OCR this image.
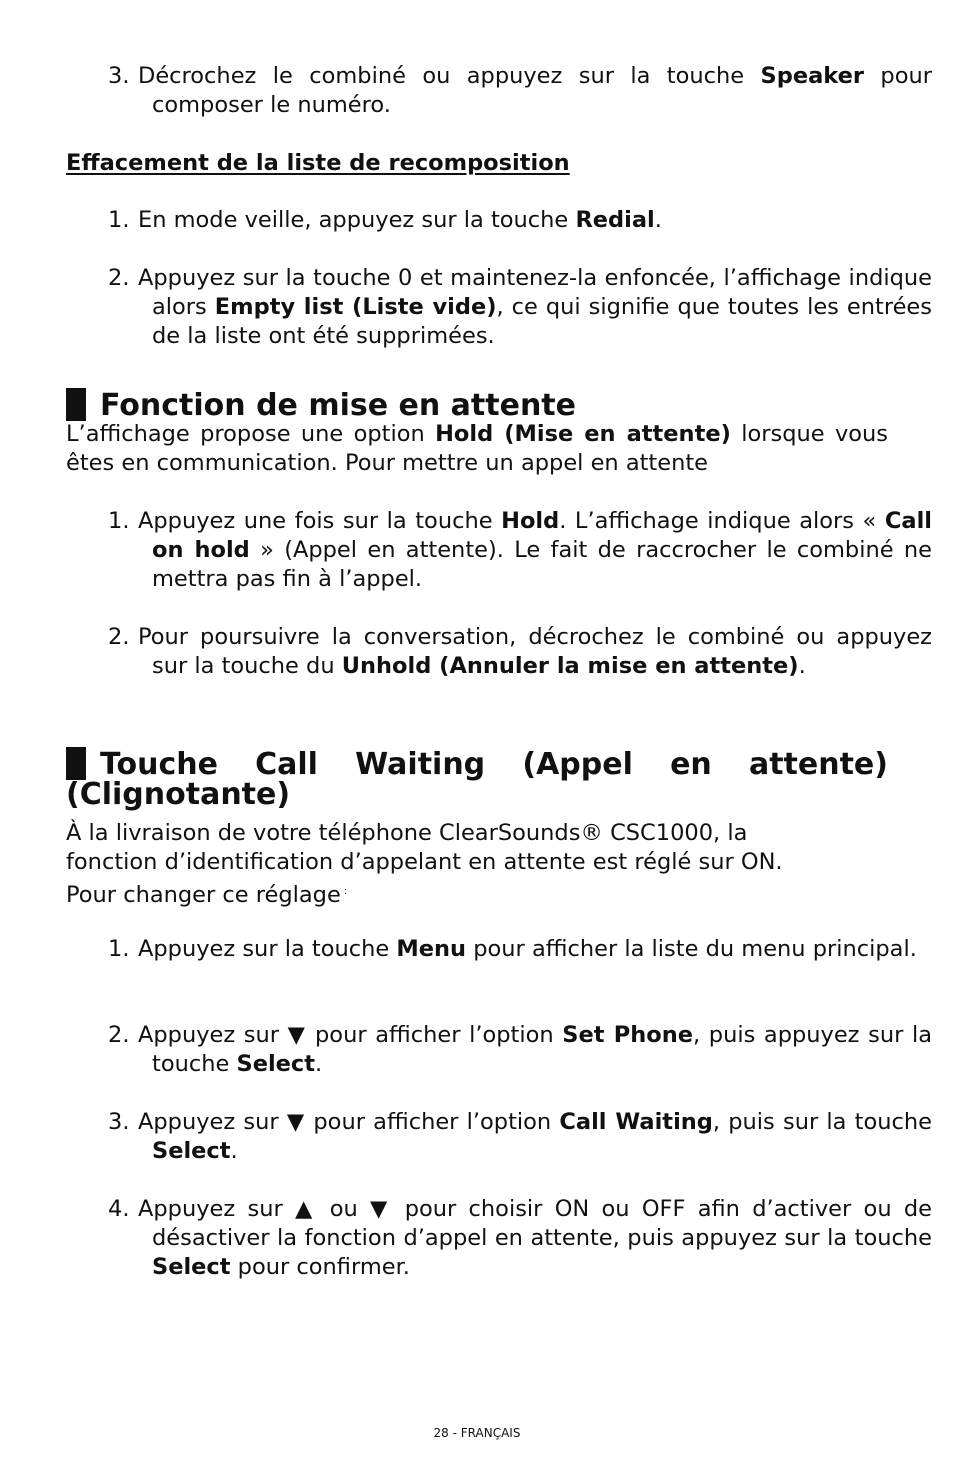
3. Décrochez le combiné ou appuyez sur la touche Speaker pour composer le numéro.
Effacement de la liste de recomposition
1. En mode veille, appuyez sur la touche Redial.
2. Appuyez sur la touche 0 et maintenez-la enfoncée, l’affichage indique alors Empty list (Liste vide), ce qui signifie que toutes les entrées de la liste ont été supprimées.
Fonction de mise en attente
L’affichage propose une option Hold (Mise en attente) lorsque vous êtes en communication. Pour mettre un appel en attente
1. Appuyez une fois sur la touche Hold. L’affichage indique alors « Call on hold » (Appel en attente). Le fait de raccrocher le combiné ne mettra pas fin à l’appel.
2. Pour poursuivre la conversation, décrochez le combiné ou appuyez sur la touche du Unhold (Annuler la mise en attente).
Touche Call Waiting (Appel en attente) (Clignotante)
À la livraison de votre téléphone ClearSounds® CSC1000, la
fonction d’identification d’appelant en attente est réglé sur ON.
Pour changer ce réglage :
1. Appuyez sur la touche Menu pour afficher la liste du menu principal.
2. Appuyez sur ▼ pour afficher l’option Set Phone, puis appuyez sur la touche Select.
3. Appuyez sur ▼ pour afficher l’option Call Waiting, puis sur la touche Select.
4. Appuyez sur ▲ ou ▼ pour choisir ON ou OFF afin d’activer ou de désactiver la fonction d’appel en attente, puis appuyez sur la touche Select pour confirmer.
28 - FRANÇAIS
